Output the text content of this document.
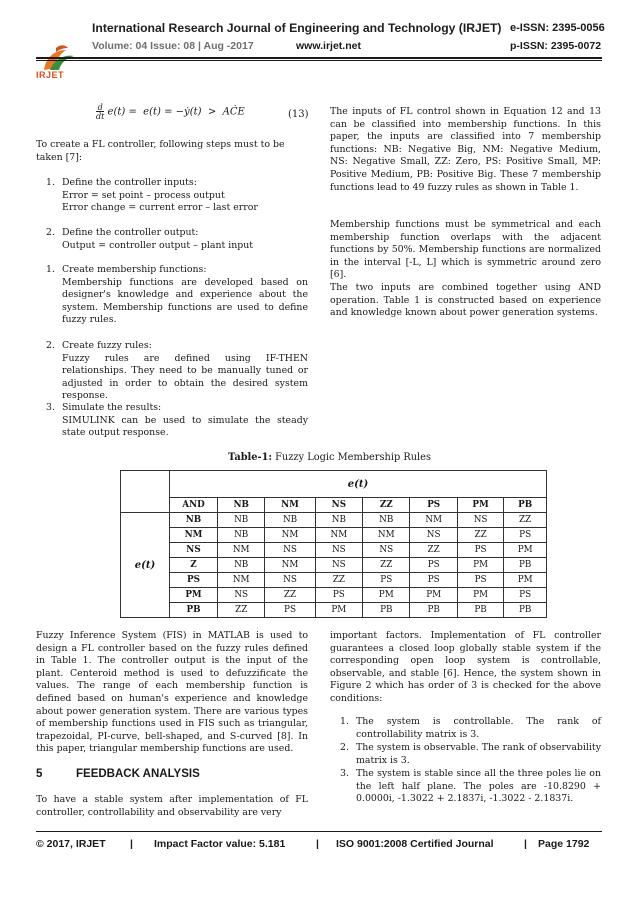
IRJET
International Research Journal of Engineering and Technology (IRJET) e-ISSN: 2395-0056
Volume: 04 Issue: 08 | Aug -2017	www.irjet.net	p-ISSN: 2395-0072
d
dt e(t) =  e(t) = −ẏ(t)  >  AĊE	(13)
To create a FL controller, following steps must to be taken [7]:
1. Define the controller inputs:
Error = set point – process output
Error change = current error – last error
2. Define the controller output:
Output = controller output – plant input
1. Create membership functions:
Membership functions are developed based on designer's knowledge and experience about the system. Membership functions are used to define fuzzy rules.
2. Create fuzzy rules:
Fuzzy rules are defined using IF-THEN relationships. They need to be manually tuned or adjusted in order to obtain the desired system response.
3. Simulate the results:
SIMULINK can be used to simulate the steady state output response.
The inputs of FL control shown in Equation 12 and 13 can be classified into membership functions. In this paper, the inputs are classified into 7 membership functions: NB: Negative Big, NM: Negative Medium, NS: Negative Small, ZZ: Zero, PS: Positive Small, MP: Positive Medium, PB: Positive Big. These 7 membership functions lead to 49 fuzzy rules as shown in Table 1.
Membership functions must be symmetrical and each membership function overlaps with the adjacent functions by 50%. Membership functions are normalized in the interval [-L, L] which is symmetric around zero [6].
The two inputs are combined together using AND operation. Table 1 is constructed based on experience and knowledge known about power generation systems.
Table-1: Fuzzy Logic Membership Rules
	e(t)							
	AND	NB	NM	NS	ZZ	PS	PM	PB
e(t)	NB	NB	NB	NB	NB	NM	NS	ZZ
	NM	NB	NM	NM	NM	NS	ZZ	PS
	NS	NM	NS	NS	NS	ZZ	PS	PM
	Z	NB	NM	NS	ZZ	PS	PM	PB
	PS	NM	NS	ZZ	PS	PS	PS	PM
	PM	NS	ZZ	PS	PM	PM	PM	PS
	PB	ZZ	PS	PM	PB	PB	PB	PB
Fuzzy Inference System (FIS) in MATLAB is used to design a FL controller based on the fuzzy rules defined in Table 1. The controller output is the input of the plant. Centeroid method is used to defuzzificate the values. The range of each membership function is defined based on human's experience and knowledge about power generation system. There are various types of membership functions used in FIS such as triangular, trapezoidal, PI-curve, bell-shaped, and S-curved [8]. In this paper, triangular membership functions are used.
5	FEEDBACK ANALYSIS
To have a stable system after implementation of FL controller, controllability and observability are very
important factors. Implementation of FL controller guarantees a closed loop globally stable system if the corresponding open loop system is controllable, observable, and stable [6]. Hence, the system shown in Figure 2 which has order of 3 is checked for the above conditions:
1. The system is controllable. The rank of controllability matrix is 3.
2. The system is observable. The rank of observability matrix is 3.
3. The system is stable since all the three poles lie on the left half plane. The poles are -10.8290 + 0.0000i, -1.3022 + 2.1837i, -1.3022 - 2.1837i.
© 2017, IRJET | Impact Factor value: 5.181	| ISO 9001:2008 Certified Journal	| Page 1792
